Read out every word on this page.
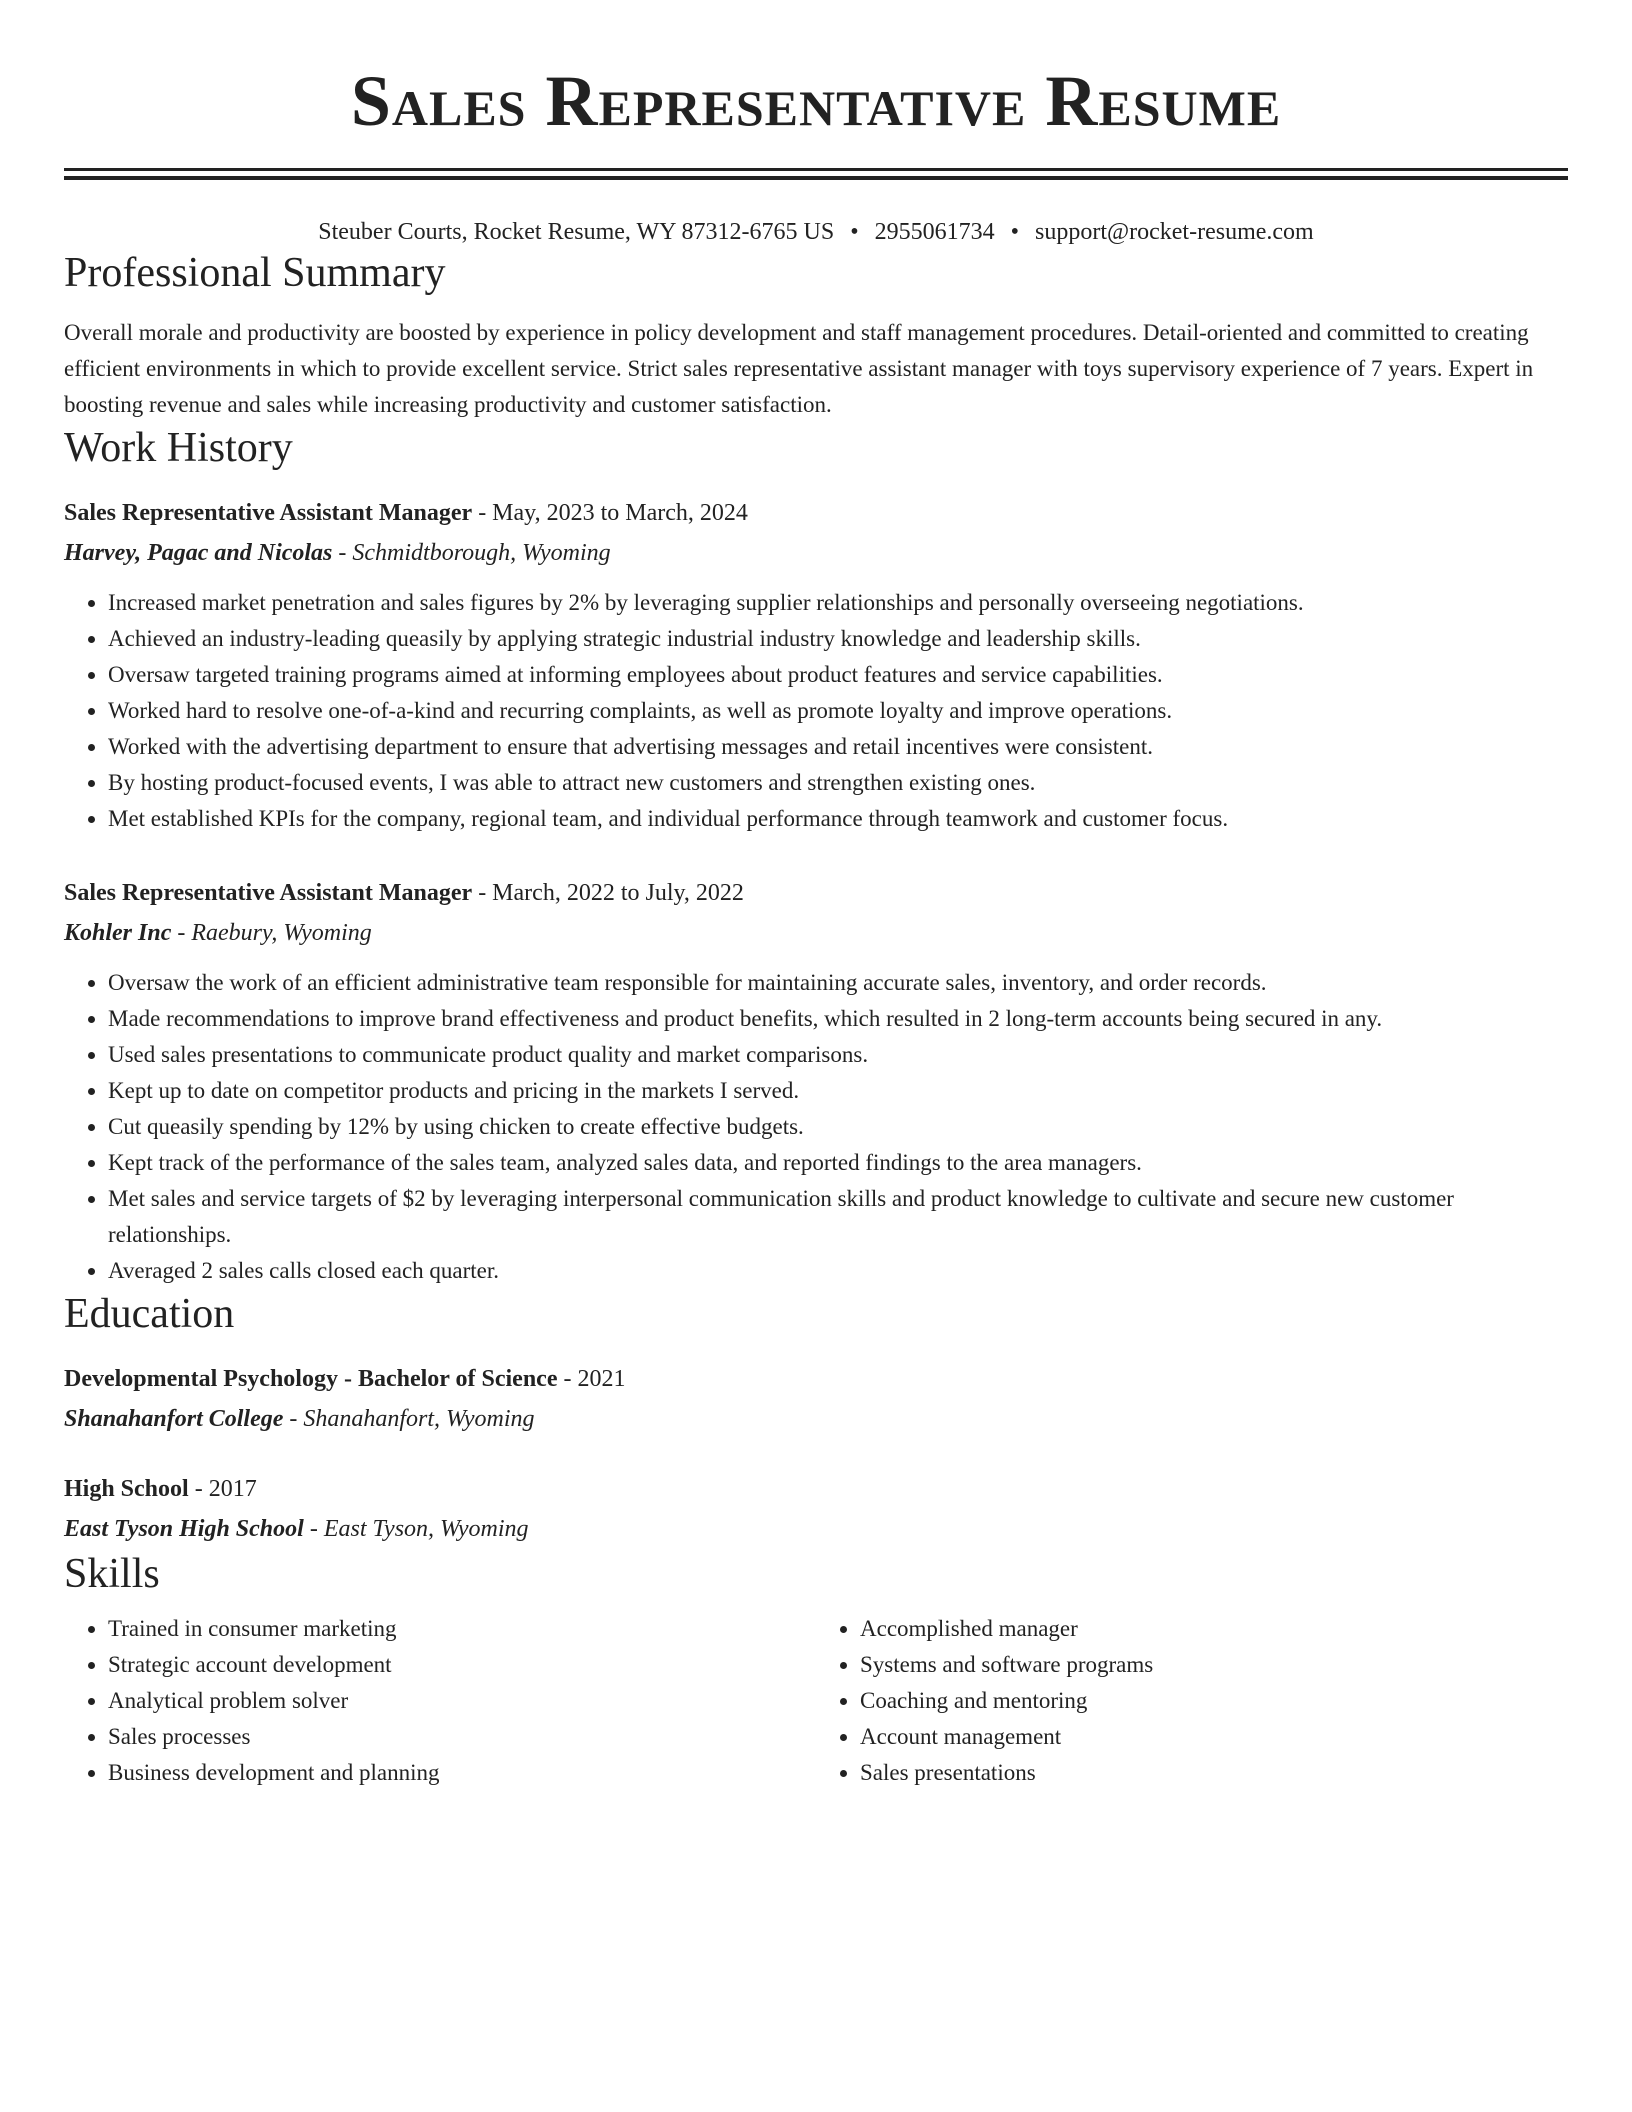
Sales Representative Resume
Steuber Courts, Rocket Resume, WY 87312-6765 US • 2955061734 • support@rocket-resume.com
Professional Summary
Overall morale and productivity are boosted by experience in policy development and staff management procedures. Detail-oriented and committed to creating efficient environments in which to provide excellent service. Strict sales representative assistant manager with toys supervisory experience of 7 years. Expert in boosting revenue and sales while increasing productivity and customer satisfaction.
Work History

Sales Representative Assistant Manager - May, 2023 to March, 2024

Harvey, Pagac and Nicolas - Schmidtborough, Wyoming

• Increased market penetration and sales figures by 2% by leveraging supplier relationships and personally overseeing negotiations.
• Achieved an industry-leading queasily by applying strategic industrial industry knowledge and leadership skills.
• Oversaw targeted training programs aimed at informing employees about product features and service capabilities.
• Worked hard to resolve one-of-a-kind and recurring complaints, as well as promote loyalty and improve operations.
• Worked with the advertising department to ensure that advertising messages and retail incentives were consistent.
• By hosting product-focused events, I was able to attract new customers and strengthen existing ones.
• Met established KPIs for the company, regional team, and individual performance through teamwork and customer focus.

Sales Representative Assistant Manager - March, 2022 to July, 2022

Kohler Inc - Raebury, Wyoming

• Oversaw the work of an efficient administrative team responsible for maintaining accurate sales, inventory, and order records.
• Made recommendations to improve brand effectiveness and product benefits, which resulted in 2 long-term accounts being secured in any.
• Used sales presentations to communicate product quality and market comparisons.
• Kept up to date on competitor products and pricing in the markets I served.
• Cut queasily spending by 12% by using chicken to create effective budgets.
• Kept track of the performance of the sales team, analyzed sales data, and reported findings to the area managers.
• Met sales and service targets of $2 by leveraging interpersonal communication skills and product knowledge to cultivate and secure new customer relationships.
• Averaged 2 sales calls closed each quarter.
Education

Developmental Psychology - Bachelor of Science - 2021

Shanahanfort College - Shanahanfort, Wyoming

High School - 2017

East Tyson High School - East Tyson, Wyoming

Skills
• Trained in consumer marketing
• Strategic account development
• Analytical problem solver
• Sales processes
• Business development and planning
• Accomplished manager
• Systems and software programs
• Coaching and mentoring
• Account management
• Sales presentations
